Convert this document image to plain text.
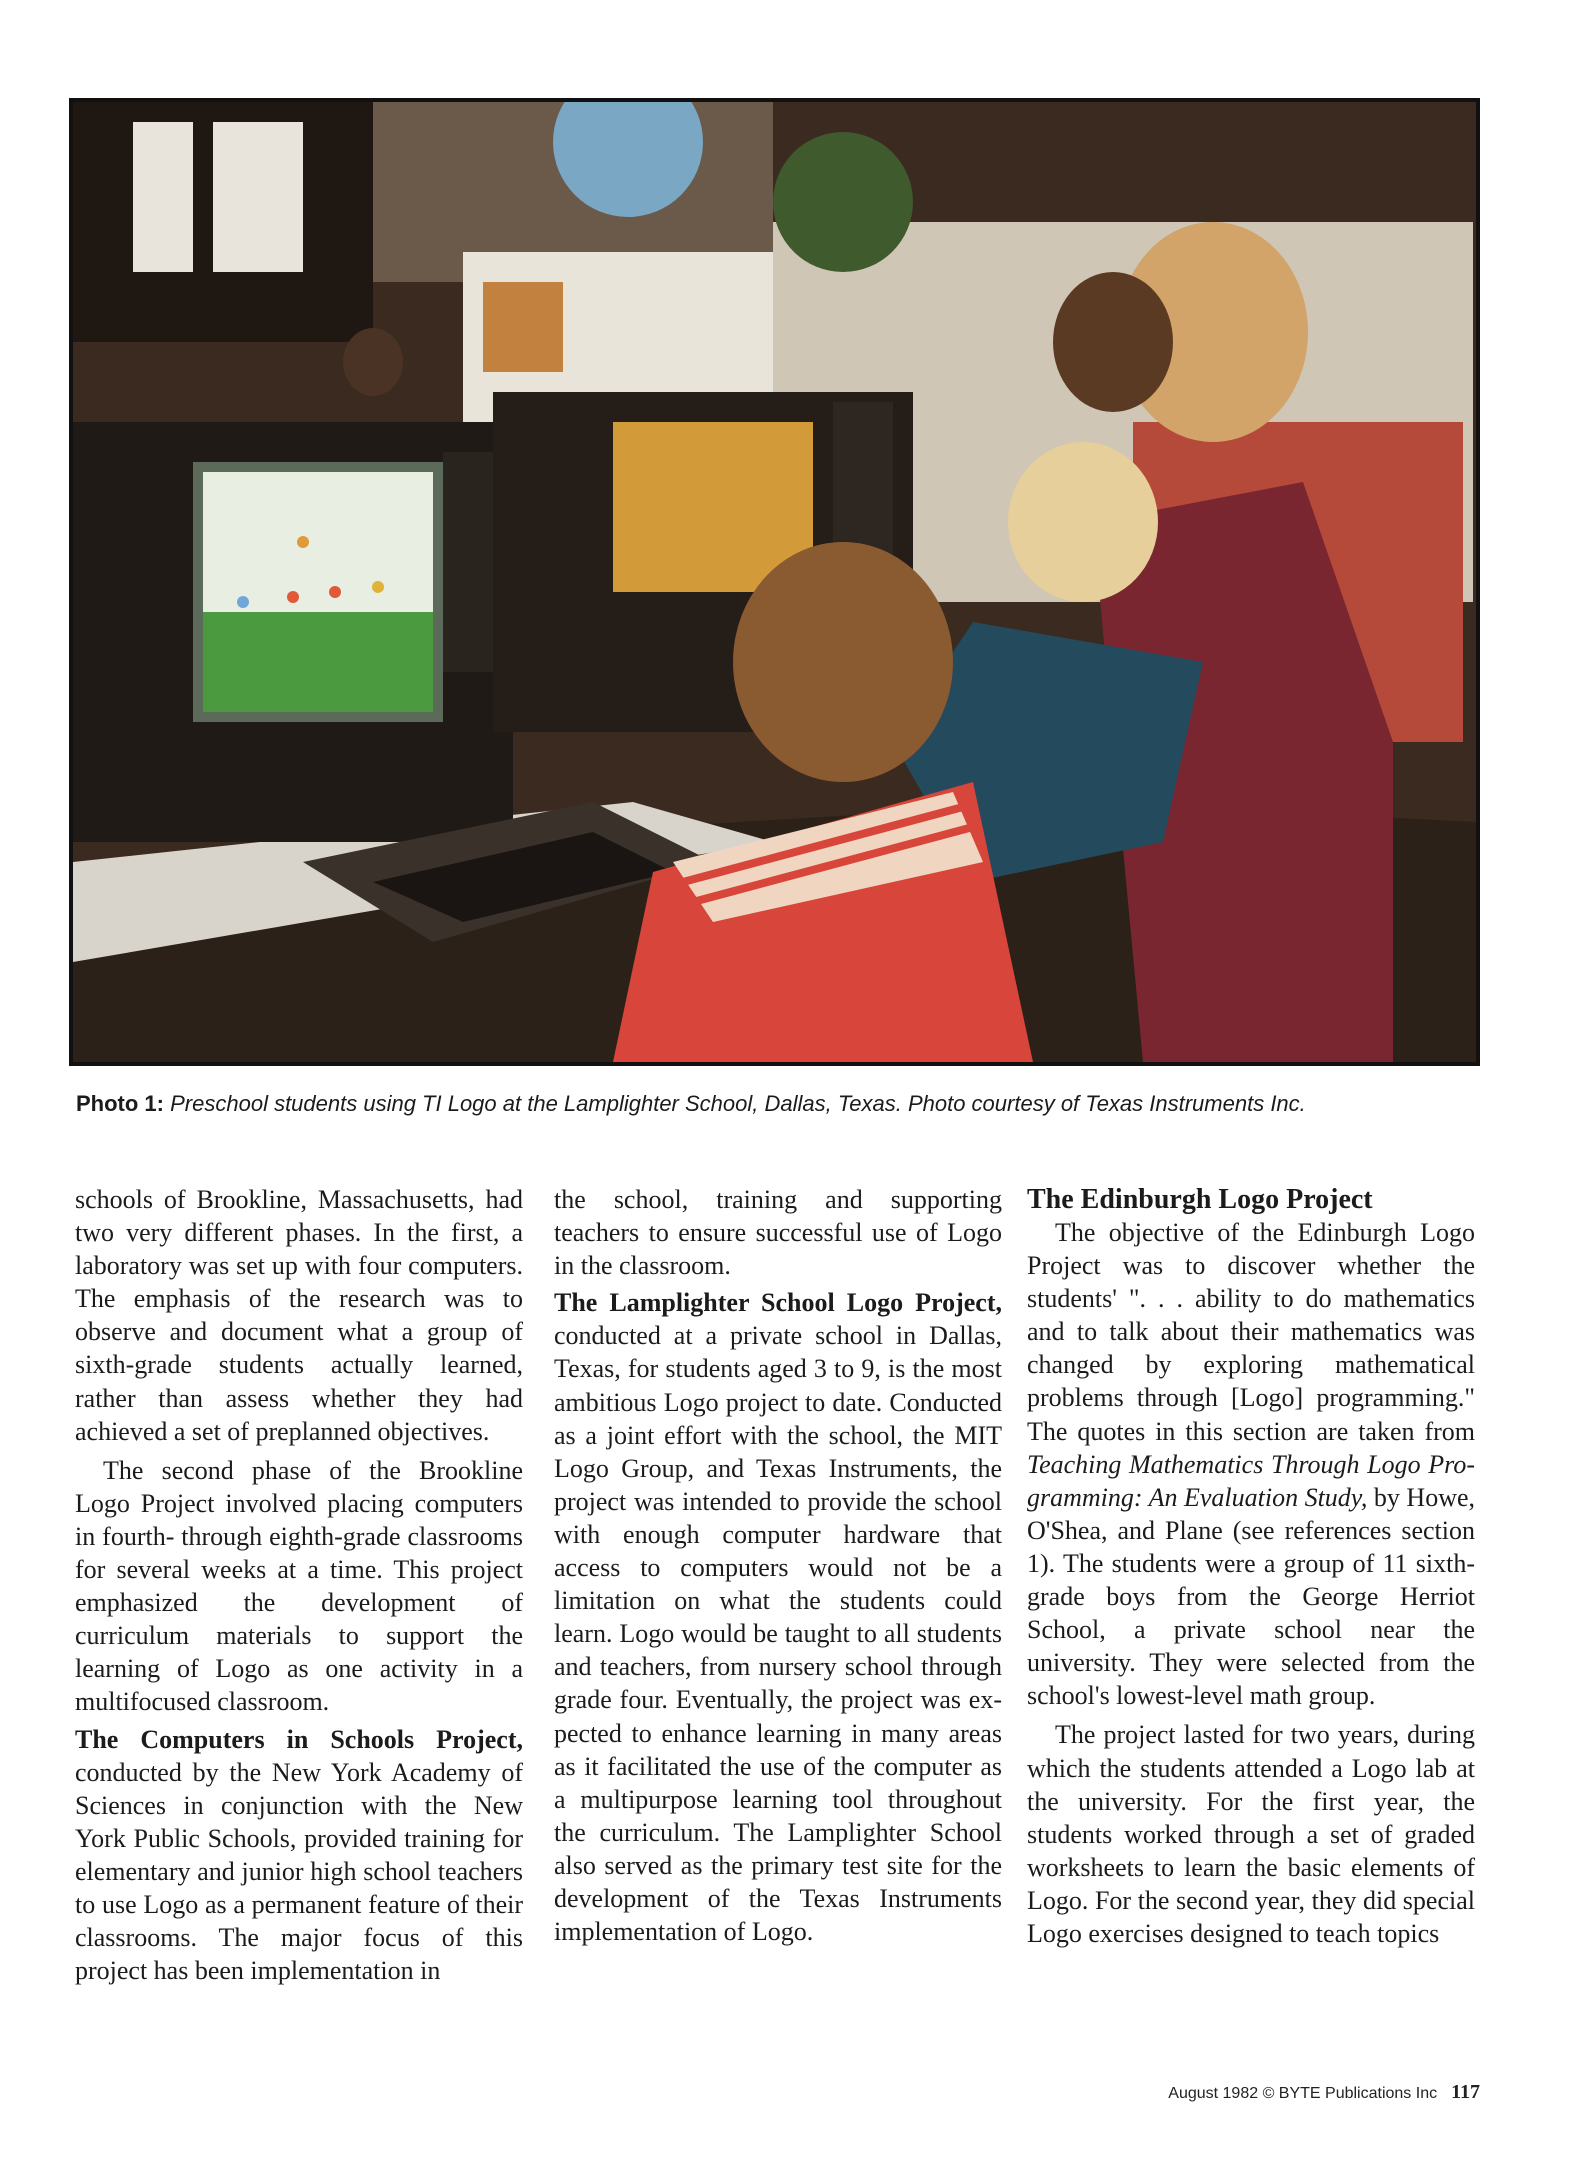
Photo 1: Preschool students using TI Logo at the Lamplighter School, Dallas, Texas. Photo courtesy of Texas Instruments Inc.

schools of Brookline, Massachusetts, had two very different phases. In the first, a laboratory was set up with four computers. The emphasis of the research was to observe and document what a group of sixth-grade students actually learned, rather than assess whether they had achieved a set of preplanned objectives.

The second phase of the Brookline Logo Project involved placing computers in fourth- through eighth-grade classrooms for several weeks at a time. This project emphasized the development of curriculum materials to support the learning of Logo as one activity in a multifocused classroom.

The Computers in Schools Project, conducted by the New York Academy of Sciences in conjunction with the New York Public Schools, provided training for elementary and junior high school teachers to use Logo as a permanent feature of their classrooms. The major focus of this project has been implementation in

the school, training and supporting teachers to ensure successful use of Logo in the classroom.

The Lamplighter School Logo Project, conducted at a private school in Dallas, Texas, for students aged 3 to 9, is the most ambitious Logo project to date. Conducted as a joint effort with the school, the MIT Logo Group, and Texas Instruments, the project was intended to provide the school with enough computer hardware that access to computers would not be a limitation on what the students could learn. Logo would be taught to all students and teachers, from nursery school through grade four. Eventually, the project was expected to enhance learning in many areas as it facilitated the use of the computer as a multipurpose learning tool throughout the curriculum. The Lamplighter School also served as the primary test site for the development of the Texas Instruments implementation of Logo.

The Edinburgh Logo Project

The objective of the Edinburgh Logo Project was to discover whether the students' ". . . ability to do mathematics and to talk about their mathematics was changed by exploring mathematical problems through [Logo] programming." The quotes in this section are taken from Teaching Mathematics Through Logo Programming: An Evaluation Study, by Howe, O'Shea, and Plane (see references section 1). The students were a group of 11 sixth-grade boys from the George Herriot School, a private school near the university. They were selected from the school's lowest-level math group.

The project lasted for two years, during which the students attended a Logo lab at the university. For the first year, the students worked through a set of graded worksheets to learn the basic elements of Logo. For the second year, they did special Logo exercises designed to teach topics

August 1982 © BYTE Publications Inc 117
